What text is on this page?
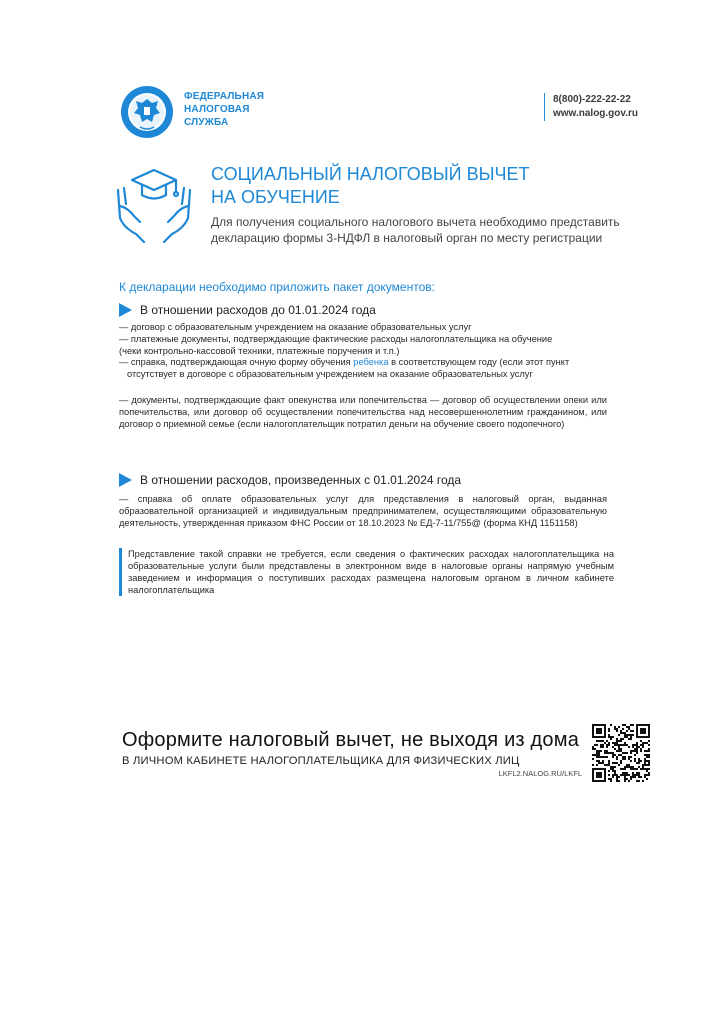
ФЕДЕРАЛЬНАЯ
НАЛОГОВАЯ
СЛУЖБА
8(800)-222-22-22
www.nalog.gov.ru
СОЦИАЛЬНЫЙ НАЛОГОВЫЙ ВЫЧЕТ
НА ОБУЧЕНИЕ
Для получения социального налогового вычета необходимо представить декларацию формы 3-НДФЛ в налоговый орган по месту регистрации
К декларации необходимо приложить пакет документов:
В отношении расходов до 01.01.2024 года

— договор с образовательным учреждением на оказание образовательных услуг

— платежные документы, подтверждающие фактические расходы налогоплательщика на обучение

(чеки контрольно-кассовой техники, платежные поручения и т.п.)

— справка, подтверждающая очную форму обучения ребенка в соответствующем году (если этот пункт

отсутствует в договоре с образовательным учреждением на оказание образовательных услуг

— документы, подтверждающие факт опекунства или попечительства — договор об осуществлении опеки или попечительства, или договор об осуществлении попечительства над несовершеннолетним гражданином, или договор о приемной семье (если налогоплательщик потратил деньги на обучение своего подопечного)
В отношении расходов, произведенных с 01.01.2024 года
— справка об оплате образовательных услуг для представления в налоговый орган, выданная образовательной организацией и индивидуальным предпринимателем, осуществляющими образовательную деятельность, утвержденная приказом ФНС России от 18.10.2023 № ЕД-7-11/755@ (форма КНД 1151158)
Представление такой справки не требуется, если сведения о фактических расходах налогоплательщика на образовательные услуги были представлены в электронном виде в налоговые органы напрямую учебным заведением и информация о поступивших расходах размещена налоговым органом в личном кабинете налогоплательщика
Оформите налоговый вычет, не выходя из дома
В ЛИЧНОМ КАБИНЕТЕ НАЛОГОПЛАТЕЛЬЩИКА ДЛЯ ФИЗИЧЕСКИХ ЛИЦ
LKFL2.NALOG.RU/LKFL
